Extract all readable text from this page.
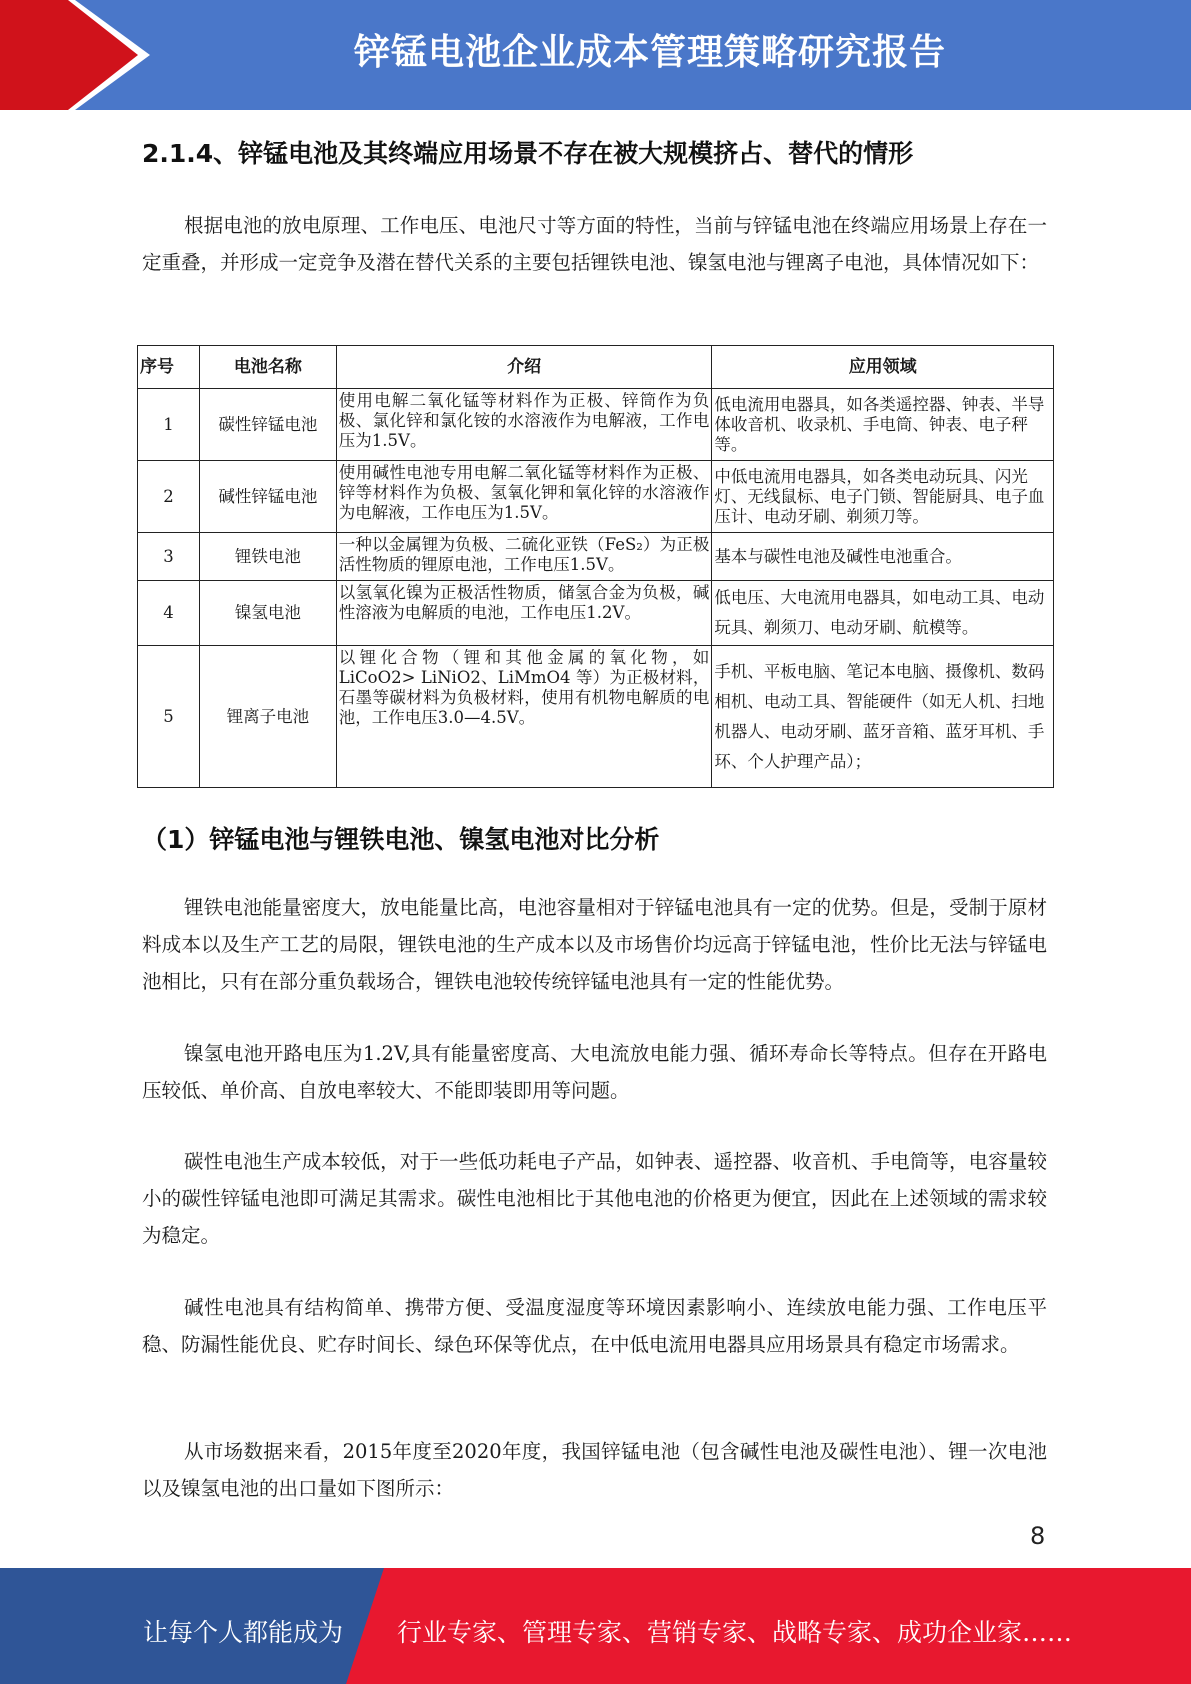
锌锰电池企业成本管理策略研究报告
2.1.4、锌锰电池及其终端应用场景不存在被大规模挤占、替代的情形

根据电池的放电原理、工作电压、电池尺寸等方面的特性，当前与锌锰电池在终端应用场景上存在一定重叠，并形成一定竞争及潜在替代关系的主要包括锂铁电池、镍氢电池与锂离子电池，具体情况如下：

序号	电池名称	介绍	应用领域
1	碳性锌锰电池	使用电解二氧化锰等材料作为正极、锌筒作为负极、氯化锌和氯化铵的水溶液作为电解液，工作电压为1.5V。	低电流用电器具，如各类遥控器、钟表、半导体收音机、收录机、手电筒、钟表、电子秤等。
2	碱性锌锰电池	使用碱性电池专用电解二氧化锰等材料作为正极、锌等材料作为负极、氢氧化钾和氧化锌的水溶液作为电解液，工作电压为1.5V。	中低电流用电器具，如各类电动玩具、闪光灯、无线鼠标、电子门锁、智能厨具、电子血压计、电动牙刷、剃须刀等。
3	锂铁电池	一种以金属锂为负极、二硫化亚铁（FeS₂）为正极活性物质的锂原电池，工作电压1.5V。	基本与碳性电池及碱性电池重合。
4	镍氢电池	以氢氧化镍为正极活性物质，储氢合金为负极，碱性溶液为电解质的电池，工作电压1.2V。	低电压、大电流用电器具，如电动工具、电动玩具、剃须刀、电动牙刷、航模等。
5	锂离子电池	以锂化合物（锂和其他金属的氧化物，如LiCoO2> LiNiO2、LiMmO4 等）为正极材料，石墨等碳材料为负极材料，使用有机物电解质的电池，工作电压3.0—4.5V。	手机、平板电脑、笔记本电脑、摄像机、数码相机、电动工具、智能硬件（如无人机、扫地机器人、电动牙刷、蓝牙音箱、蓝牙耳机、手环、个人护理产品）；
（1）锌锰电池与锂铁电池、镍氢电池对比分析

锂铁电池能量密度大，放电能量比高，电池容量相对于锌锰电池具有一定的优势。但是，受制于原材料成本以及生产工艺的局限，锂铁电池的生产成本以及市场售价均远高于锌锰电池，性价比无法与锌锰电池相比，只有在部分重负载场合，锂铁电池较传统锌锰电池具有一定的性能优势。

镍氢电池开路电压为1.2V,具有能量密度高、大电流放电能力强、循环寿命长等特点。但存在开路电压较低、单价高、自放电率较大、不能即装即用等问题。

碳性电池生产成本较低，对于一些低功耗电子产品，如钟表、遥控器、收音机、手电筒等，电容量较小的碳性锌锰电池即可满足其需求。碳性电池相比于其他电池的价格更为便宜，因此在上述领域的需求较为稳定。

碱性电池具有结构简单、携带方便、受温度湿度等环境因素影响小、连续放电能力强、工作电压平稳、防漏性能优良、贮存时间长、绿色环保等优点，在中低电流用电器具应用场景具有稳定市场需求。

从市场数据来看，2015年度至2020年度，我国锌锰电池（包含碱性电池及碳性电池）、锂一次电池以及镍氢电池的出口量如下图所示：

8
让每个人都能成为 行业专家、管理专家、营销专家、战略专家、成功企业家……
